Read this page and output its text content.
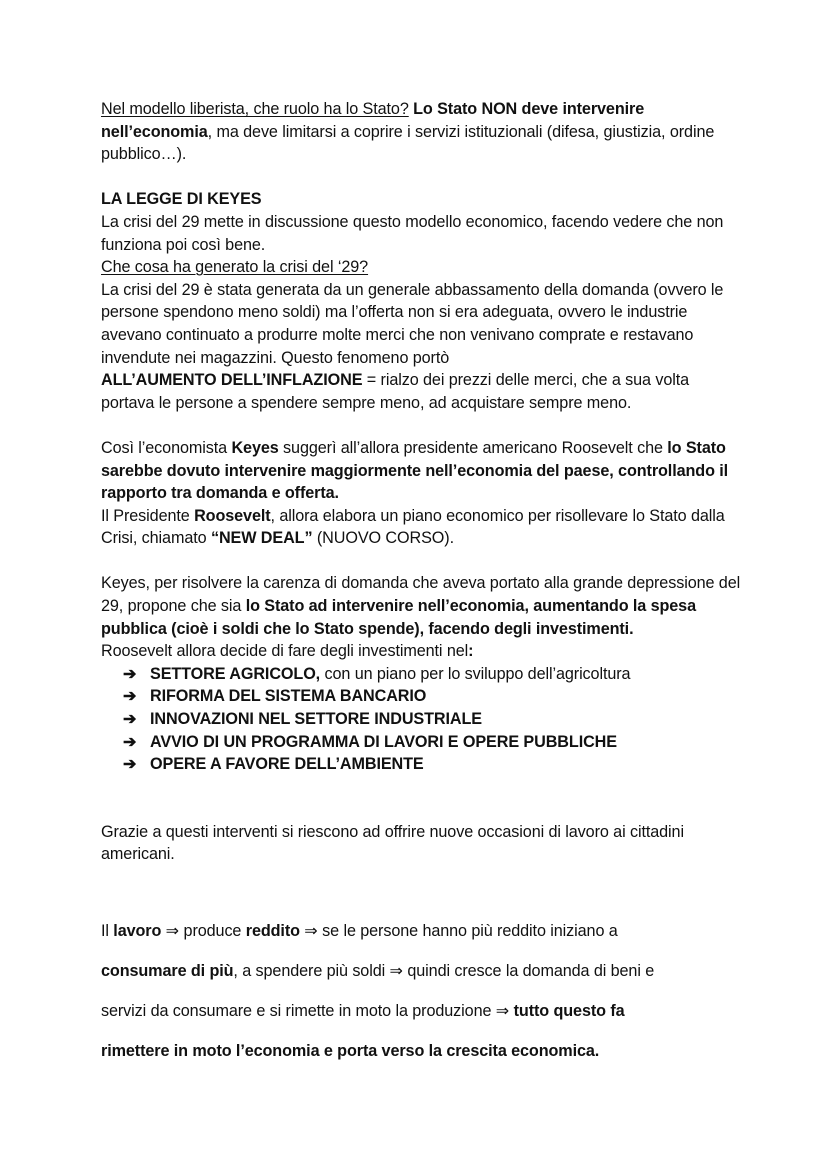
Nel modello liberista, che ruolo ha lo Stato? Lo Stato NON deve intervenire nell’economia, ma deve limitarsi a coprire i servizi istituzionali (difesa, giustizia, ordine pubblico…).

LA LEGGE DI KEYES

La crisi del 29 mette in discussione questo modello economico, facendo vedere che non funziona poi così bene.

Che cosa ha generato la crisi del ‘29?

La crisi del 29 è stata generata da un generale abbassamento della domanda (ovvero le persone spendono meno soldi) ma l’offerta non si era adeguata, ovvero le industrie avevano continuato a produrre molte merci che non venivano comprate e restavano invendute nei magazzini. Questo fenomeno portò
ALL’AUMENTO DELL’INFLAZIONE = rialzo dei prezzi delle merci, che a sua volta portava le persone a spendere sempre meno, ad acquistare sempre meno.

Così l’economista Keyes suggerì all’allora presidente americano Roosevelt che lo Stato sarebbe dovuto intervenire maggiormente nell’economia del paese, controllando il rapporto tra domanda e offerta.
Il Presidente Roosevelt, allora elabora un piano economico per risollevare lo Stato dalla Crisi, chiamato “NEW DEAL” (NUOVO CORSO).

Keyes, per risolvere la carenza di domanda che aveva portato alla grande depressione del 29, propone che sia lo Stato ad intervenire nell’economia, aumentando la spesa pubblica (cioè i soldi che lo Stato spende), facendo degli investimenti.
Roosevelt allora decide di fare degli investimenti nel:

➔ SETTORE AGRICOLO, con un piano per lo sviluppo dell’agricoltura
➔ RIFORMA DEL SISTEMA BANCARIO
➔ INNOVAZIONI NEL SETTORE INDUSTRIALE
➔ AVVIO DI UN PROGRAMMA DI LAVORI E OPERE PUBBLICHE
➔ OPERE A FAVORE DELL’AMBIENTE

Grazie a questi interventi si riescono ad offrire nuove occasioni di lavoro ai cittadini americani.

Il lavoro ⇒ produce reddito ⇒ se le persone hanno più reddito iniziano a

consumare di più, a spendere più soldi ⇒ quindi cresce la domanda di beni e

servizi da consumare e si rimette in moto la produzione ⇒ tutto questo fa

rimettere in moto l’economia e porta verso la crescita economica.
